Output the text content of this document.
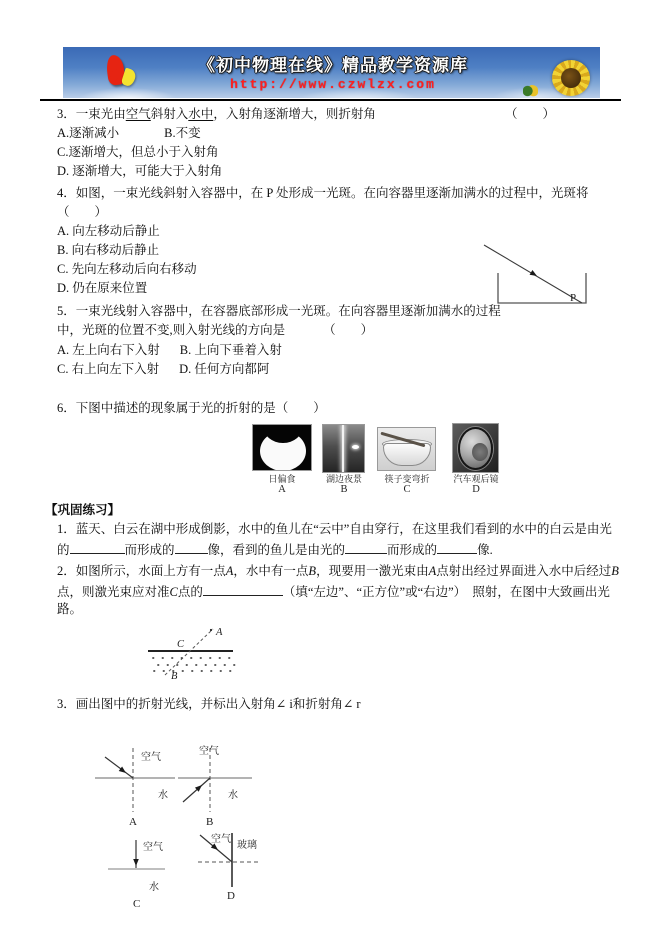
《初中物理在线》精品教学资源库
http://www.czwlzx.com
3．一束光由空气斜射入水中，入射角逐渐增大，则折射角	（　　）
A.逐渐减小	B.不变
C.逐渐增大，但总小于入射角
D. 逐渐增大，可能大于入射角
4．如图，一束光线斜射入容器中，在 P 处形成一光斑。在向容器里逐渐加满水的过程中，光斑将
（　　）
A. 向左移动后静止
B. 向右移动后静止
C. 先向左移动后向右移动
D. 仍在原来位置
P
5．一束光线射入容器中，在容器底部形成一光斑。在向容器里逐渐加满水的过程
中，光斑的位置不变,则入射光线的方向是	（　　）
A. 左上向右下入射 B. 上向下垂着入射
C. 右上向左下入射 D. 任何方向都阿
6．下图中描述的现象属于光的折射的是（　　）
日偏食	湖边夜景	筷子变弯折	汽车观后镜
A	B	C	D
【巩固练习】
1．蓝天、白云在湖中形成倒影，水中的鱼儿在“云中”自由穿行，在这里我们看到的水中的白云是由光
的	而形成的	像，看到的鱼儿是由光的	而形成的	像.
2．如图所示，水面上方有一点A，水中有一点B，现要用一激光束由A点射出经过界面进入水中后经过B
点，则激光束应对准C点的	（填“左边”、“正方位”或“右边”）　照射，在图中大致画出光
路。
A
B
C
3．画出图中的折射光线，并标出入射角∠ i和折射角∠ r
空气
水
A
空气
水
B
空气
水
C
空气
玻璃
D
